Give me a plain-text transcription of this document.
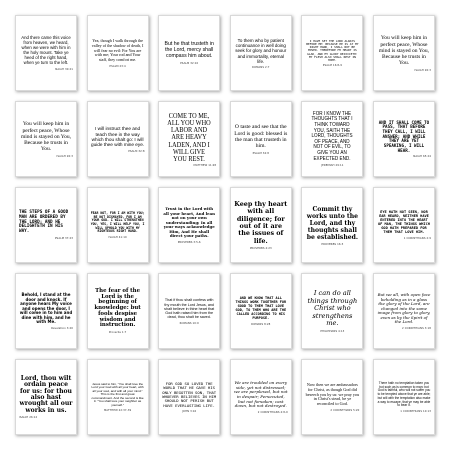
And there came this voice from heaven, we heard, when we were with him in the holy mount. Take ye heed of the right hand, when ye turn to the left.
ISAIAH 30:21
Yea, though I walk through the valley of the shadow of death, I will fear no evil: For You are with me; Your rod and Your staff, they comfort me.
PSALM 23:4
But he that trusteth in the Lord, mercy shall compass him about.
PSALM 32:10
To them who by patient continuance in well doing seek for glory and honour and immortality, eternal life.
ROMANS 2:7
I HAVE SET THE LORD ALWAYS BEFORE ME: BECAUSE HE IS AT MY RIGHT HAND, I SHALL NOT BE MOVED. THEREFORE MY HEART IS GLAD, AND MY GLORY REJOICETH: MY FLESH ALSO SHALL REST IN HOPE.
PSALM 16:8-9
You will keep him in perfect peace, Whose mind is stayed on You, Because he trusts in You.
ISAIAH 26:3
You will keep him in perfect peace, Whose mind is stayed on You, Because he trusts in You.
ISAIAH 26:3
I will instruct thee and teach thee in the way which thou shalt go: I will guide thee with mine eye.
PSALM 32:8
COME TO ME, ALL YOU WHO LABOR AND ARE HEAVY LADEN, AND I WILL GIVE YOU REST.
MATTHEW 11:28
O taste and see that the Lord is good: blessed is the man that trusteth in him.
PSALM 34:8
FOR I KNOW THE THOUGHTS THAT I THINK TOWARD YOU, SAITH THE LORD, THOUGHTS OF PEACE, AND NOT OF EVIL, TO GIVE YOU AN EXPECTED END.
JEREMIAH 29:11
AND IT SHALL COME TO PASS, THAT BEFORE THEY CALL, I WILL ANSWER; AND WHILE THEY ARE YET SPEAKING, I WILL HEAR.
ISAIAH 65:24
THE STEPS OF A GOOD MAN ARE ORDERED BY THE LORD: AND HE DELIGHTETH IN HIS WAY.
PSALM 37:23
FEAR NOT, FOR I AM WITH YOU; BE NOT DISMAYED, FOR I AM YOUR GOD. I WILL STRENGTHEN YOU, YES, I WILL HELP YOU, I WILL UPHOLD YOU WITH MY RIGHTEOUS RIGHT HAND.
ISAIAH 41:10
Trust in the Lord with all your heart, And lean not on your own understanding; In all your ways acknowledge Him, And He shall direct your paths.
PROVERBS 3:5-6
Keep thy heart with all diligence; for out of it are the issues of life.
PROVERBS 4:23
Commit thy works unto the Lord, and thy thoughts shall be established.
PROVERBS 16:3
EYE HATH NOT SEEN, NOR EAR HEARD, NEITHER HAVE ENTERED INTO THE HEART OF MAN, THE THINGS WHICH GOD HATH PREPARED FOR THEM THAT LOVE HIM.
1 CORINTHIANS 2:9
Behold, I stand at the door and knock. If anyone hears My voice and opens the door, I will come in to him and dine with him, and he with Me.
Revelation 3:20
The fear of the Lord is the beginning of knowledge: but fools despise wisdom and instruction.
Proverbs 1:7
That if thou shalt confess with thy mouth the Lord Jesus, and shalt believe in thine heart that God hath raised him from the dead, thou shalt be saved.
ROMANS 10:9
AND WE KNOW THAT ALL THINGS WORK TOGETHER FOR GOOD TO THEM THAT LOVE GOD, TO THEM WHO ARE THE CALLED ACCORDING TO HIS PURPOSE.
ROMANS 8:28
I can do all things through Christ who strengthens me.
PHILIPPIANS 4:13
But we all, with open face beholding as in a glass the glory of the Lord, are changed into the same image from glory to glory, even as by the Spirit of the Lord.
2 CORINTHIANS 3:18
Lord, thou wilt ordain peace for us: for thou also hast wrought all our works in us.
ISAIAH 26:12
Jesus said to him, "You shall love the Lord your God with all your heart, with all your soul, and with all your mind." This is the first and great commandment. And the second is like it: "You shall love your neighbor as yourself."
MATTHEW 22:37-39
FOR GOD SO LOVED THE WORLD THAT HE GAVE HIS ONLY BEGOTTEN SON, THAT WHOEVER BELIEVES IN HIM SHOULD NOT PERISH BUT HAVE EVERLASTING LIFE.
JOHN 3:16
We are troubled on every side, yet not distressed; we are perplexed, but not in despair; Persecuted, but not forsaken; cast down, but not destroyed.
2 CORINTHIANS 4:8-9
Now then we are ambassadors for Christ, as though God did beseech you by us: we pray you in Christ's stead, be ye reconciled to God.
2 CORINTHIANS 5:20
There hath no temptation taken you but such as is common to man: but God is faithful, who will not suffer you to be tempted above that ye are able; but will with the temptation also make a way to escape, that ye may be able to bear it.
1 CORINTHIANS 10:13
